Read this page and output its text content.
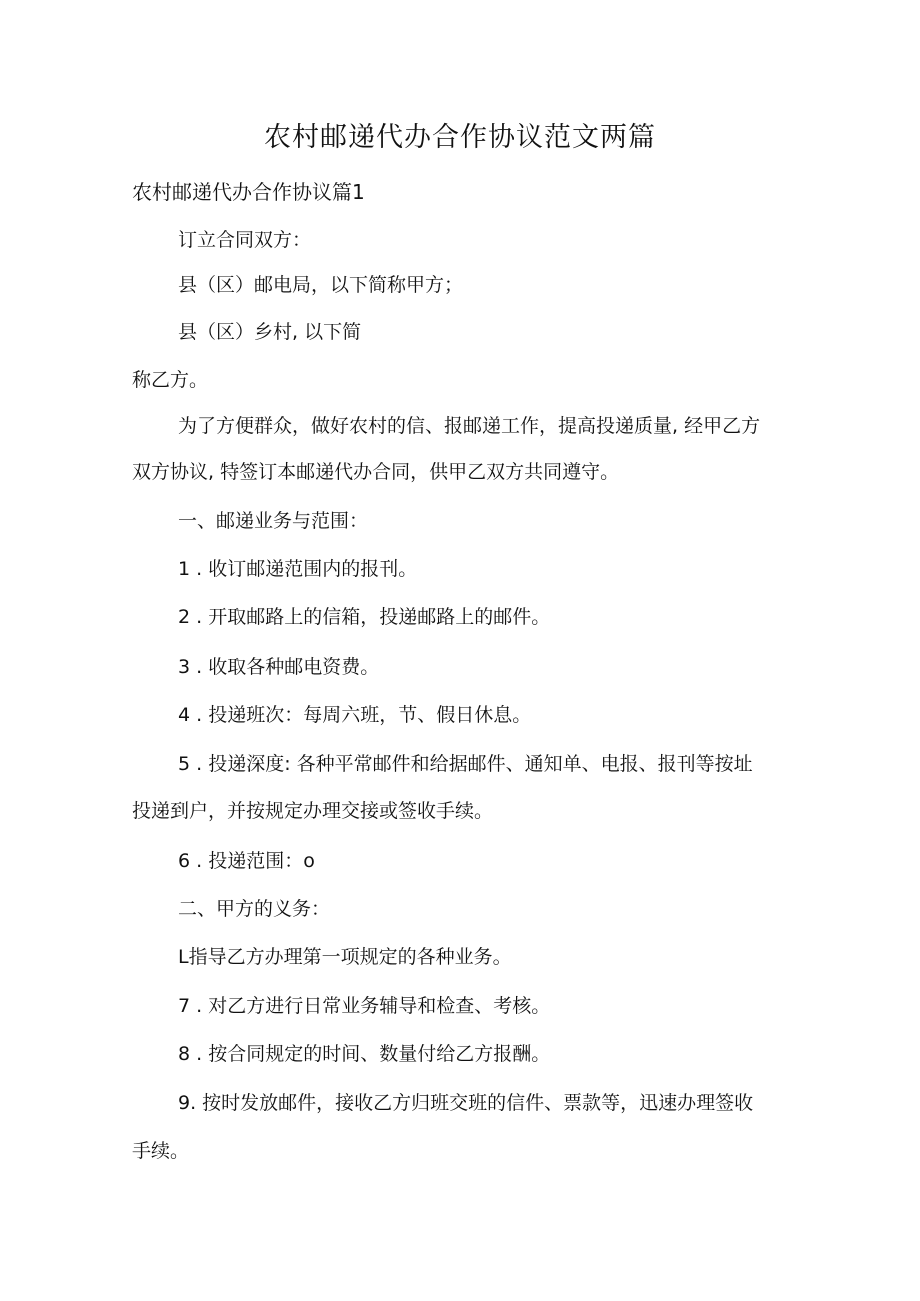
农村邮递代办合作协议范文两篇
农村邮递代办合作协议篇1
订立合同双方：
县（区）邮电局，以下简称甲方；
县（区）乡村, 以下简
称乙方。
为了方便群众，做好农村的信、报邮递工作，提高投递质量, 经甲乙方
双方协议, 特签订本邮递代办合同，供甲乙双方共同遵守。
一、邮递业务与范围：
1 . 收订邮递范围内的报刊。
2 . 开取邮路上的信箱，投递邮路上的邮件。
3 . 收取各种邮电资费。
4 . 投递班次：每周六班，节、假日休息。
5 . 投递深度: 各种平常邮件和给据邮件、通知单、电报、报刊等按址
投递到户，并按规定办理交接或签收手续。
6 . 投递范围：o
二、甲方的义务：
L指导乙方办理第一项规定的各种业务。
7 . 对乙方进行日常业务辅导和检查、考核。
8 . 按合同规定的时间、数量付给乙方报酬。
9. 按时发放邮件，接收乙方归班交班的信件、票款等，迅速办理签收
手续。
